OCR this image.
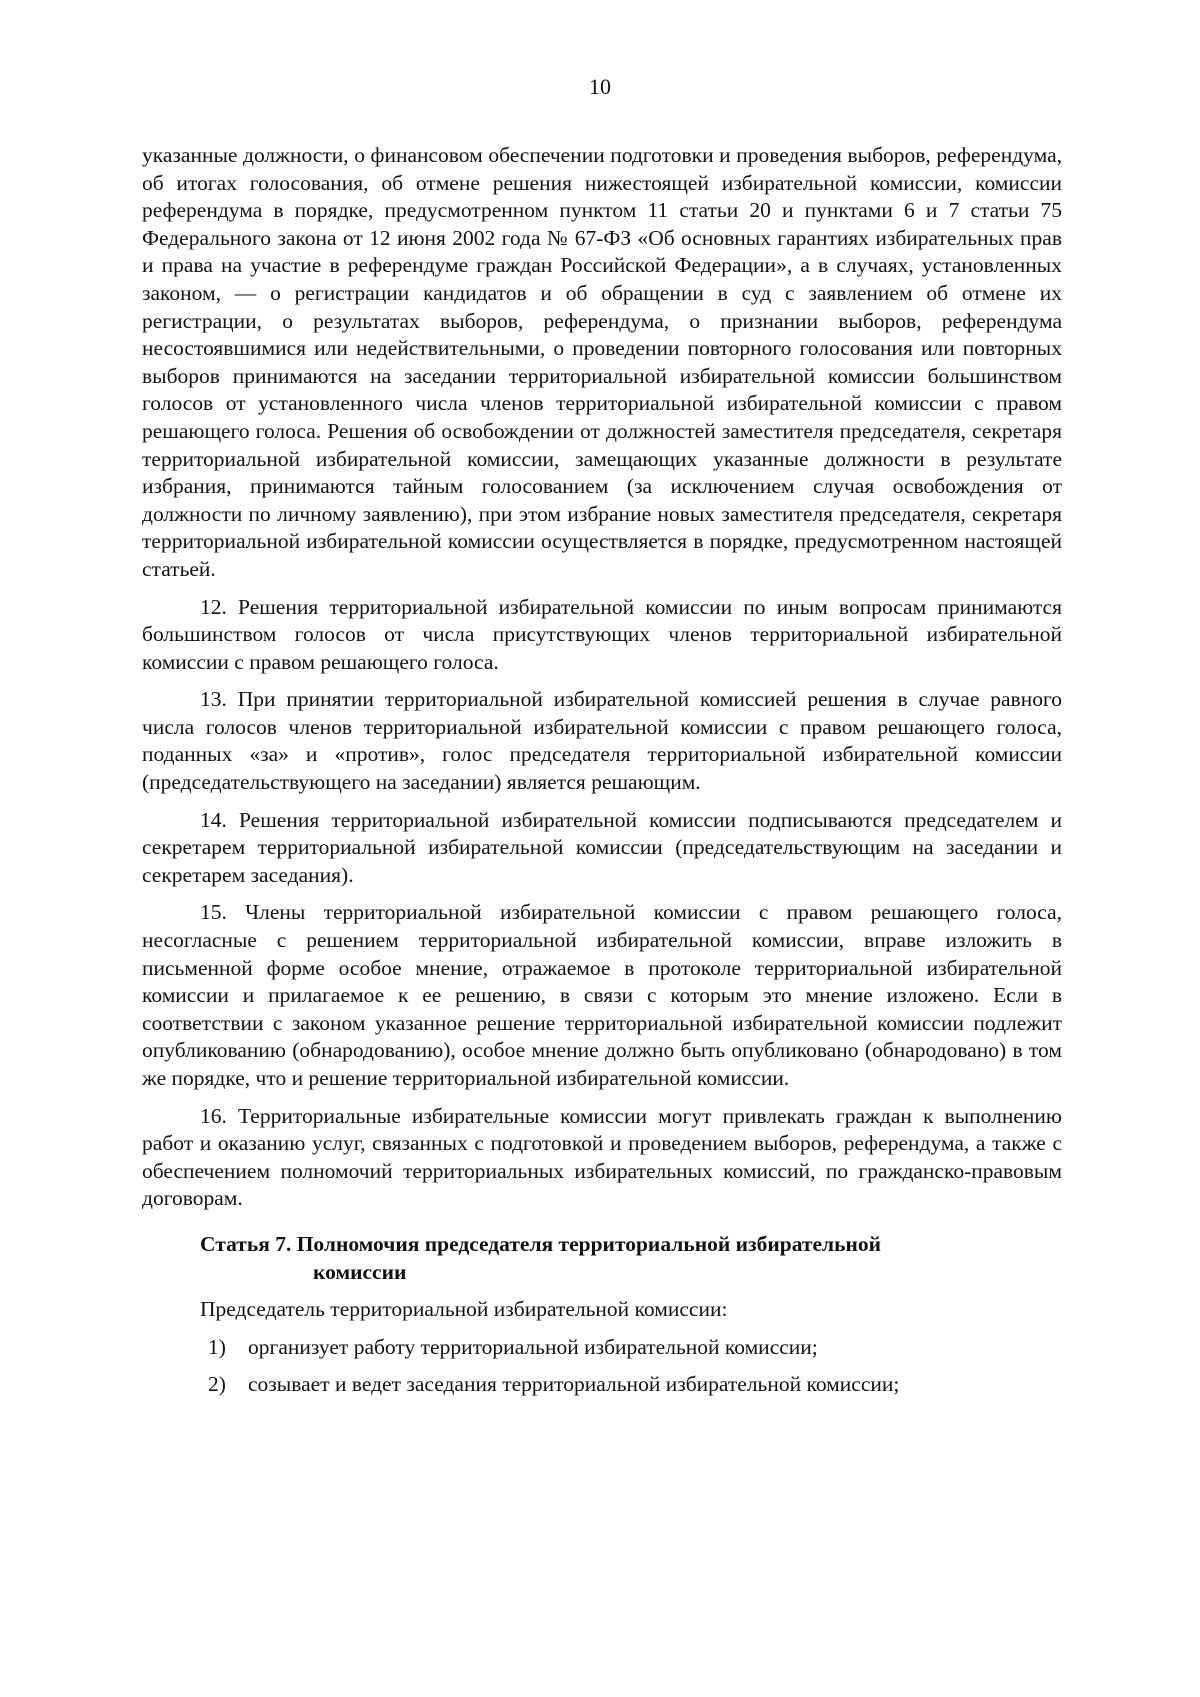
10

указанные должности, о финансовом обеспечении подготовки и проведения выборов, референдума, об итогах голосования, об отмене решения нижестоящей избирательной комиссии, комиссии референдума в порядке, предусмотренном пунктом 11 статьи 20 и пунктами 6 и 7 статьи 75 Федерального закона от 12 июня 2002 года № 67-ФЗ «Об основных гарантиях избирательных прав и права на участие в референдуме граждан Российской Федерации», а в случаях, установленных законом, — о регистрации кандидатов и об обращении в суд с заявлением об отмене их регистрации, о результатах выборов, референдума, о признании выборов, референдума несостоявшимися или недействительными, о проведении повторного голосования или повторных выборов принимаются на заседании территориальной избирательной комиссии большинством голосов от установленного числа членов территориальной избирательной комиссии с правом решающего голоса. Решения об освобождении от должностей заместителя председателя, секретаря территориальной избирательной комиссии, замещающих указанные должности в результате избрания, принимаются тайным голосованием (за исключением случая освобождения от должности по личному заявлению), при этом избрание новых заместителя председателя, секретаря территориальной избирательной комиссии осуществляется в порядке, предусмотренном настоящей статьей.

12. Решения территориальной избирательной комиссии по иным вопросам принимаются большинством голосов от числа присутствующих членов территориальной избирательной комиссии с правом решающего голоса.

13. При принятии территориальной избирательной комиссией решения в случае равного числа голосов членов территориальной избирательной комиссии с правом решающего голоса, поданных «за» и «против», голос председателя территориальной избирательной комиссии (председательствующего на заседании) является решающим.

14. Решения территориальной избирательной комиссии подписываются председателем и секретарем территориальной избирательной комиссии (председательствующим на заседании и секретарем заседания).

15. Члены территориальной избирательной комиссии с правом решающего голоса, несогласные с решением территориальной избирательной комиссии, вправе изложить в письменной форме особое мнение, отражаемое в протоколе территориальной избирательной комиссии и прилагаемое к ее решению, в связи с которым это мнение изложено. Если в соответствии с законом указанное решение территориальной избирательной комиссии подлежит опубликованию (обнародованию), особое мнение должно быть опубликовано (обнародовано) в том же порядке, что и решение территориальной избирательной комиссии.

16. Территориальные избирательные комиссии могут привлекать граждан к выполнению работ и оказанию услуг, связанных с подготовкой и проведением выборов, референдума, а также с обеспечением полномочий территориальных избирательных комиссий, по гражданско-правовым договорам.

Статья 7. Полномочия председателя территориальной избирательной
комиссии

Председатель территориальной избирательной комиссии:

1) организует работу территориальной избирательной комиссии;
2) созывает и ведет заседания территориальной избирательной комиссии;
